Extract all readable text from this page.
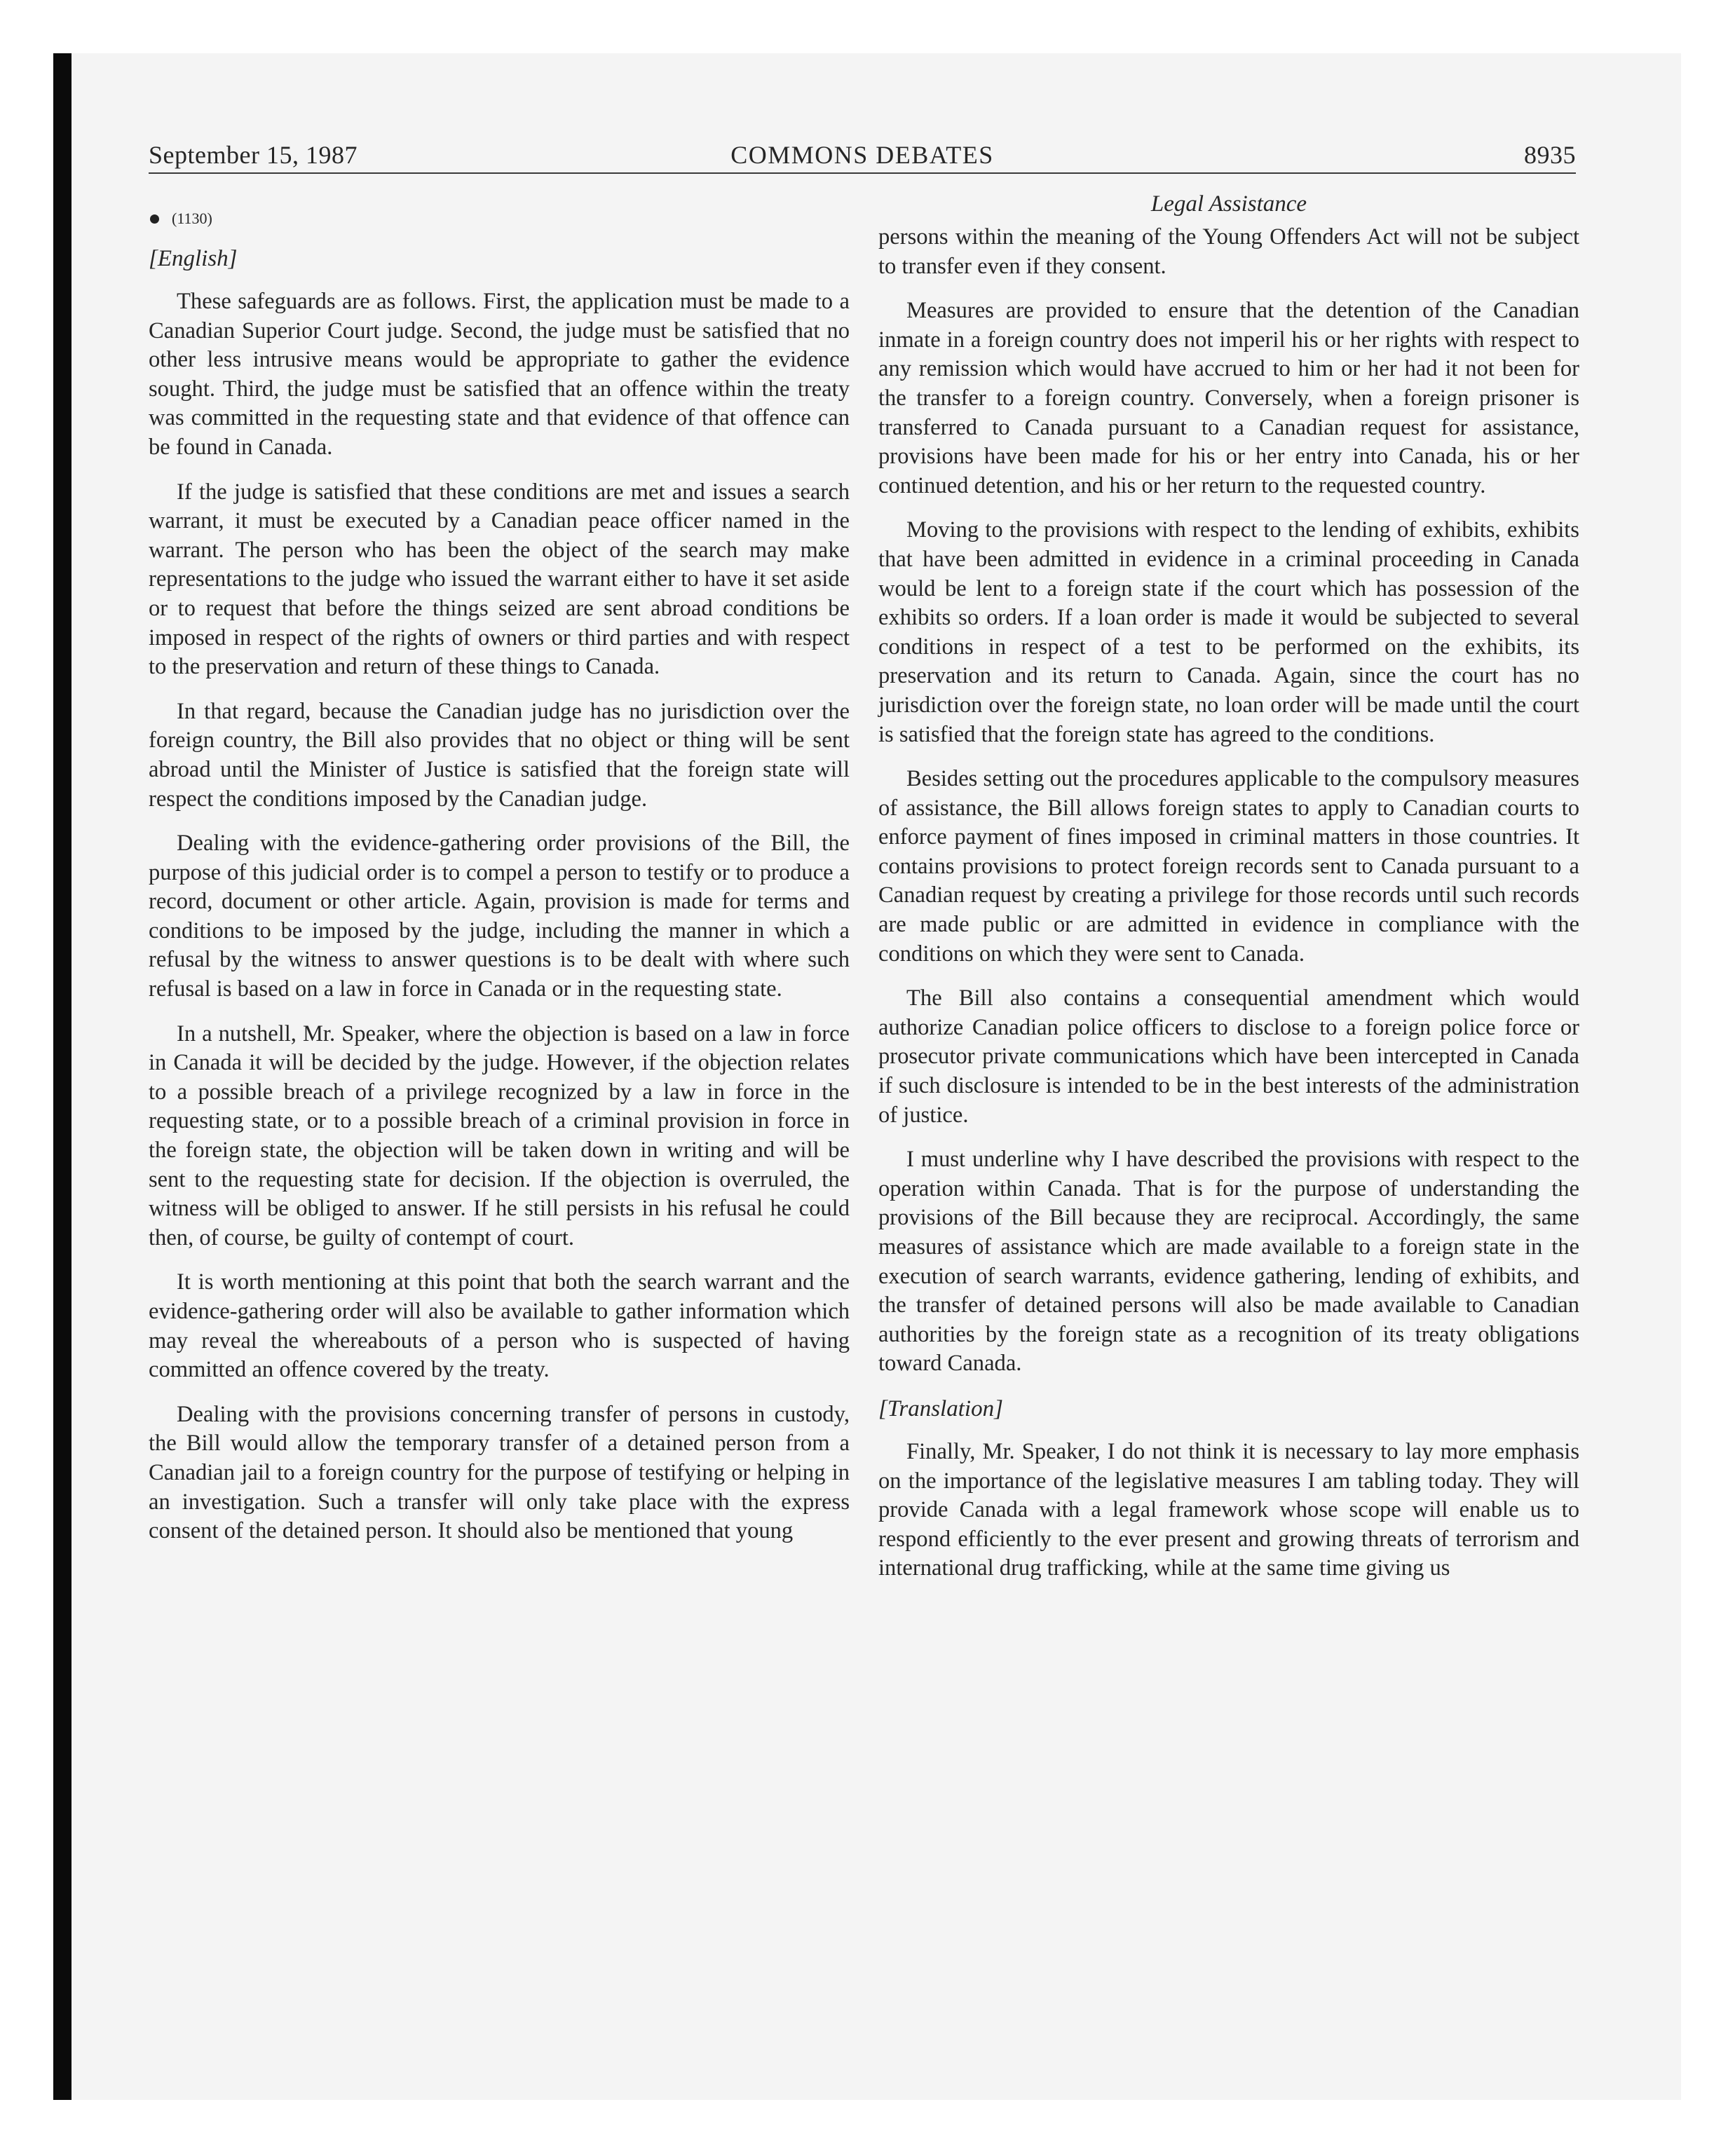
September 15, 1987	COMMONS DEBATES	8935
(1130)
[English]

These safeguards are as follows. First, the application must be made to a Canadian Superior Court judge. Second, the judge must be satisfied that no other less intrusive means would be appropriate to gather the evidence sought. Third, the judge must be satisfied that an offence within the treaty was committed in the requesting state and that evidence of that offence can be found in Canada.

If the judge is satisfied that these conditions are met and issues a search warrant, it must be executed by a Canadian peace officer named in the warrant. The person who has been the object of the search may make representations to the judge who issued the warrant either to have it set aside or to request that before the things seized are sent abroad conditions be imposed in respect of the rights of owners or third parties and with respect to the preservation and return of these things to Canada.

In that regard, because the Canadian judge has no jurisdiction over the foreign country, the Bill also provides that no object or thing will be sent abroad until the Minister of Justice is satisfied that the foreign state will respect the conditions imposed by the Canadian judge.

Dealing with the evidence-gathering order provisions of the Bill, the purpose of this judicial order is to compel a person to testify or to produce a record, document or other article. Again, provision is made for terms and conditions to be imposed by the judge, including the manner in which a refusal by the witness to answer questions is to be dealt with where such refusal is based on a law in force in Canada or in the requesting state.

In a nutshell, Mr. Speaker, where the objection is based on a law in force in Canada it will be decided by the judge. However, if the objection relates to a possible breach of a privilege recognized by a law in force in the requesting state, or to a possible breach of a criminal provision in force in the foreign state, the objection will be taken down in writing and will be sent to the requesting state for decision. If the objection is overruled, the witness will be obliged to answer. If he still persists in his refusal he could then, of course, be guilty of contempt of court.

It is worth mentioning at this point that both the search warrant and the evidence-gathering order will also be available to gather information which may reveal the whereabouts of a person who is suspected of having committed an offence covered by the treaty.

Dealing with the provisions concerning transfer of persons in custody, the Bill would allow the temporary transfer of a detained person from a Canadian jail to a foreign country for the purpose of testifying or helping in an investigation. Such a transfer will only take place with the express consent of the detained person. It should also be mentioned that young

Legal Assistance

persons within the meaning of the Young Offenders Act will not be subject to transfer even if they consent.

Measures are provided to ensure that the detention of the Canadian inmate in a foreign country does not imperil his or her rights with respect to any remission which would have accrued to him or her had it not been for the transfer to a foreign country. Conversely, when a foreign prisoner is transferred to Canada pursuant to a Canadian request for assistance, provisions have been made for his or her entry into Canada, his or her continued detention, and his or her return to the requested country.

Moving to the provisions with respect to the lending of exhibits, exhibits that have been admitted in evidence in a criminal proceeding in Canada would be lent to a foreign state if the court which has possession of the exhibits so orders. If a loan order is made it would be subjected to several conditions in respect of a test to be performed on the exhibits, its preservation and its return to Canada. Again, since the court has no jurisdiction over the foreign state, no loan order will be made until the court is satisfied that the foreign state has agreed to the conditions.

Besides setting out the procedures applicable to the compulsory measures of assistance, the Bill allows foreign states to apply to Canadian courts to enforce payment of fines imposed in criminal matters in those countries. It contains provisions to protect foreign records sent to Canada pursuant to a Canadian request by creating a privilege for those records until such records are made public or are admitted in evidence in compliance with the conditions on which they were sent to Canada.

The Bill also contains a consequential amendment which would authorize Canadian police officers to disclose to a foreign police force or prosecutor private communications which have been intercepted in Canada if such disclosure is intended to be in the best interests of the administration of justice.

I must underline why I have described the provisions with respect to the operation within Canada. That is for the purpose of understanding the provisions of the Bill because they are reciprocal. Accordingly, the same measures of assistance which are made available to a foreign state in the execution of search warrants, evidence gathering, lending of exhibits, and the transfer of detained persons will also be made available to Canadian authorities by the foreign state as a recognition of its treaty obligations toward Canada.

[Translation]

Finally, Mr. Speaker, I do not think it is necessary to lay more emphasis on the importance of the legislative measures I am tabling today. They will provide Canada with a legal framework whose scope will enable us to respond efficiently to the ever present and growing threats of terrorism and international drug trafficking, while at the same time giving us
